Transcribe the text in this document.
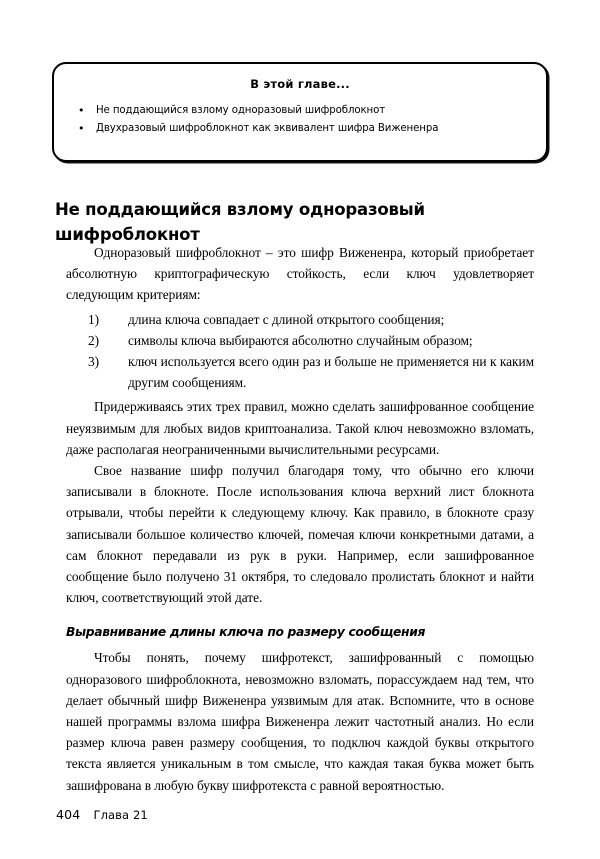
В этой главе...
• Не поддающийся взлому одноразовый шифроблокнот
• Двухразовый шифроблокнот как эквивалент шифра Вижененра
Не поддающийся взлому одноразовый шифроблокнот

Одноразовый шифроблокнот – это шифр Вижененра, который приобретает абсолютную криптографическую стойкость, если ключ удовлетворяет следующим критериям:

1)	длина ключа совпадает с длиной открытого сообщения;
2)	символы ключа выбираются абсолютно случайным образом;
3)	ключ используется всего один раз и больше не применяется ни к каким другим сообщениям.

Придерживаясь этих трех правил, можно сделать зашифрованное сообщение неуязвимым для любых видов криптоанализа. Такой ключ невозможно взломать, даже располагая неограниченными вычислительными ресурсами.

Свое название шифр получил благодаря тому, что обычно его ключи записывали в блокноте. После использования ключа верхний лист блокнота отрывали, чтобы перейти к следующему ключу. Как правило, в блокноте сразу записывали большое количество ключей, помечая ключи конкретными датами, а сам блокнот передавали из рук в руки. Например, если зашифрованное сообщение было получено 31 октября, то следовало пролистать блокнот и найти ключ, соответствующий этой дате.

Выравнивание длины ключа по размеру сообщения

Чтобы понять, почему шифротекст, зашифрованный с помощью одноразового шифроблокнота, невозможно взломать, порассуждаем над тем, что делает обычный шифр Вижененра уязвимым для атак. Вспомните, что в основе нашей программы взлома шифра Вижененра лежит частотный анализ. Но если размер ключа равен размеру сообщения, то подключ каждой буквы открытого текста является уникальным в том смысле, что каждая такая буква может быть зашифрована в любую букву шифротекста с равной вероятностью.

404 Глава 21
